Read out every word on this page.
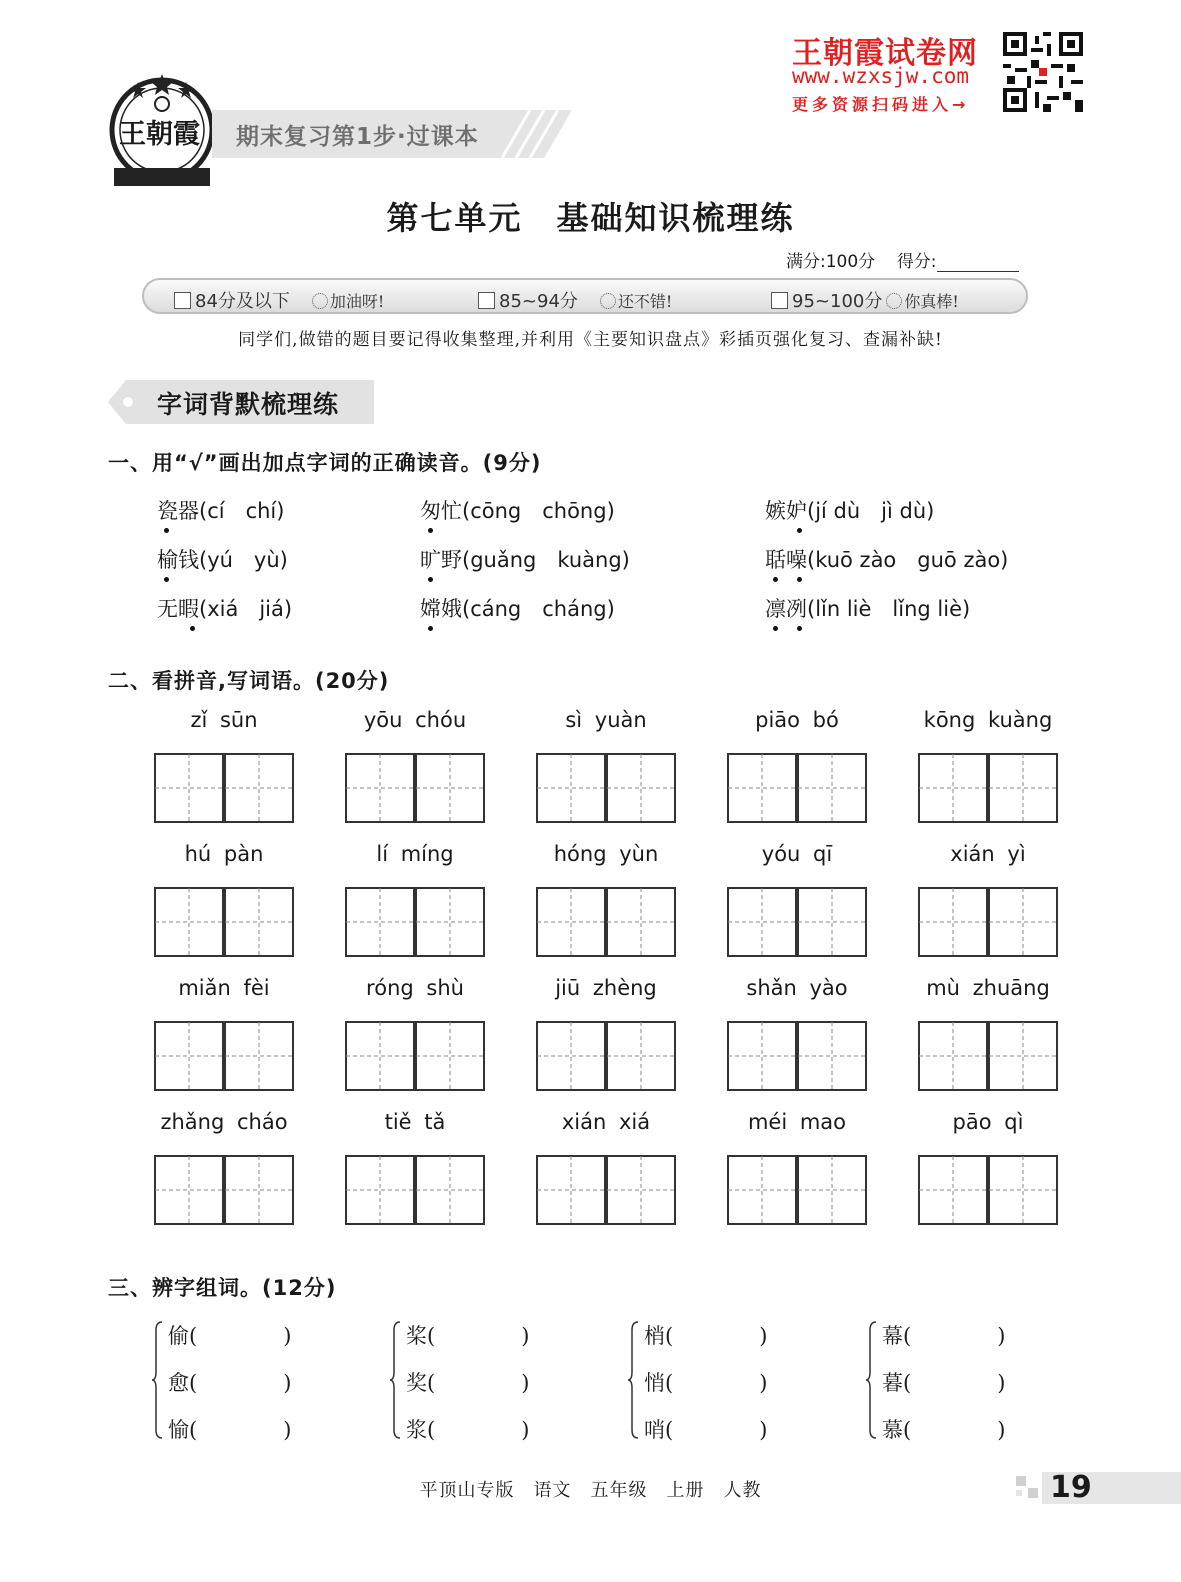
王朝霞 期末复习第1步·过课本
王朝霞试卷网
www.wzxsjw.com
更多资源扫码进入→
第七单元　基础知识梳理练
满分:100分 得分:
84分及以下	加油呀!	85~94分	还不错!	95~100分 你真棒!
同学们,做错的题目要记得收集整理,并利用《主要知识盘点》彩插页强化复习、查漏补缺!
字词背默梳理练
一、用“√”画出加点字词的正确读音。(9分)
瓷器(cí　chí)	匆忙(cōng　chōng)	嫉妒(jí dù　jì dù)
榆钱(yú　yù)	旷野(guǎng　kuàng)	聒噪(kuō zào　guō zào)
无暇(xiá　jiá)	嫦娥(cáng　cháng)	凛冽(lǐn liè　lǐng liè)
二、看拼音,写词语。(20分)
zǐ sūn	yōu chóu	sì yuàn	piāo bó	kōng kuàng
hú pàn	lí míng	hóng yùn	yóu qī	xián yì
miǎn fèi	róng shù	jiū zhèng	shǎn yào	mù zhuāng
zhǎng cháo	tiě tǎ	xián xiá	méi mao	pāo qì
三、辨字组词。(12分)
偷(	)
愈(	)
愉(	)
桨(	)
奖(	)
浆(	)
梢(	)
悄(	)
哨(	)
幕(	)
暮(	)
慕(	)
平顶山专版　语文　五年级　上册　人教	19
